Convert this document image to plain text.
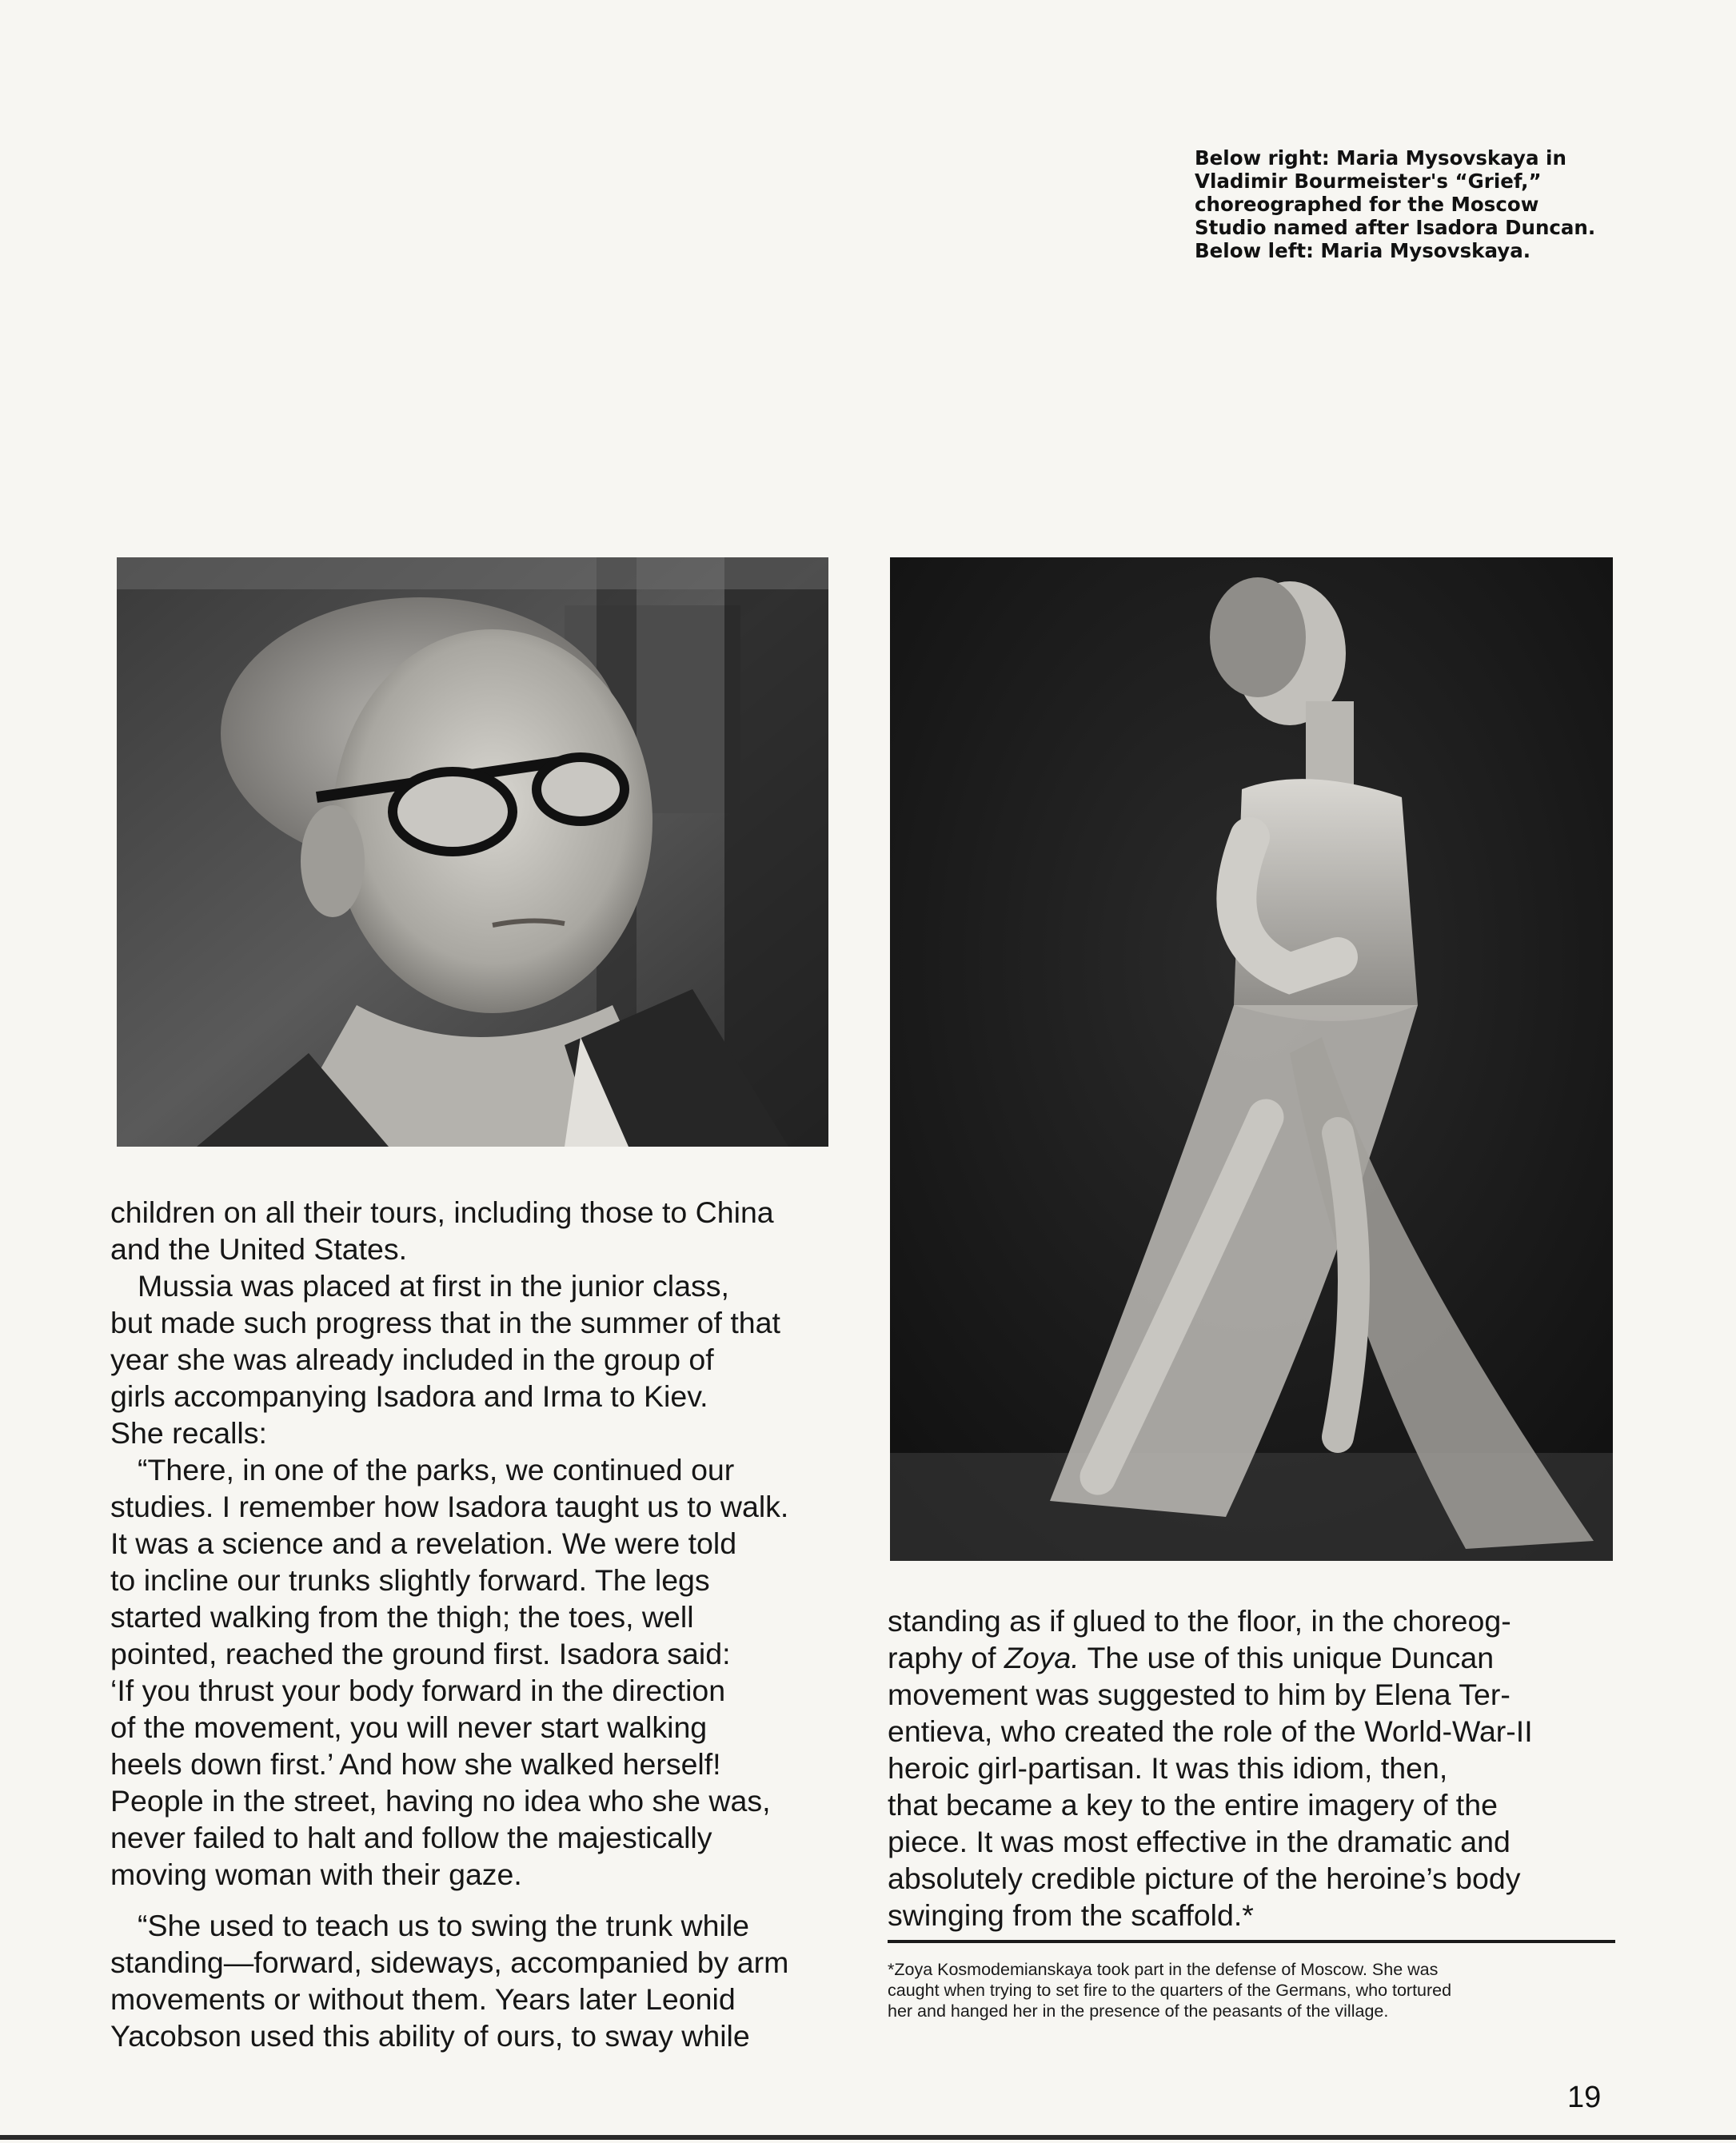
Below right: Maria Mysovskaya in

Vladimir Bourmeister's “Grief,”

choreographed for the Moscow

Studio named after Isadora Duncan.

Below left: Maria Mysovskaya.

children on all their tours, including those to China

and the United States.

Mussia was placed at first in the junior class,

but made such progress that in the summer of that

year she was already included in the group of

girls accompanying Isadora and Irma to Kiev.

She recalls:

“There, in one of the parks, we continued our

studies. I remember how Isadora taught us to walk.

It was a science and a revelation. We were told

to incline our trunks slightly forward. The legs

started walking from the thigh; the toes, well

pointed, reached the ground first. Isadora said:

‘If you thrust your body forward in the direction

of the movement, you will never start walking

heels down first.’ And how she walked herself!

People in the street, having no idea who she was,

never failed to halt and follow the majestically

moving woman with their gaze.

“She used to teach us to swing the trunk while

standing—forward, sideways, accompanied by arm

movements or without them. Years later Leonid

Yacobson used this ability of ours, to sway while

standing as if glued to the floor, in the choreog-

raphy of Zoya. The use of this unique Duncan

movement was suggested to him by Elena Ter-

entieva, who created the role of the World-War-II

heroic girl-partisan. It was this idiom, then,

that became a key to the entire imagery of the

piece. It was most effective in the dramatic and

absolutely credible picture of the heroine’s body

swinging from the scaffold.*

*Zoya Kosmodemianskaya took part in the defense of Moscow. She was

caught when trying to set fire to the quarters of the Germans, who tortured

her and hanged her in the presence of the peasants of the village.

19
